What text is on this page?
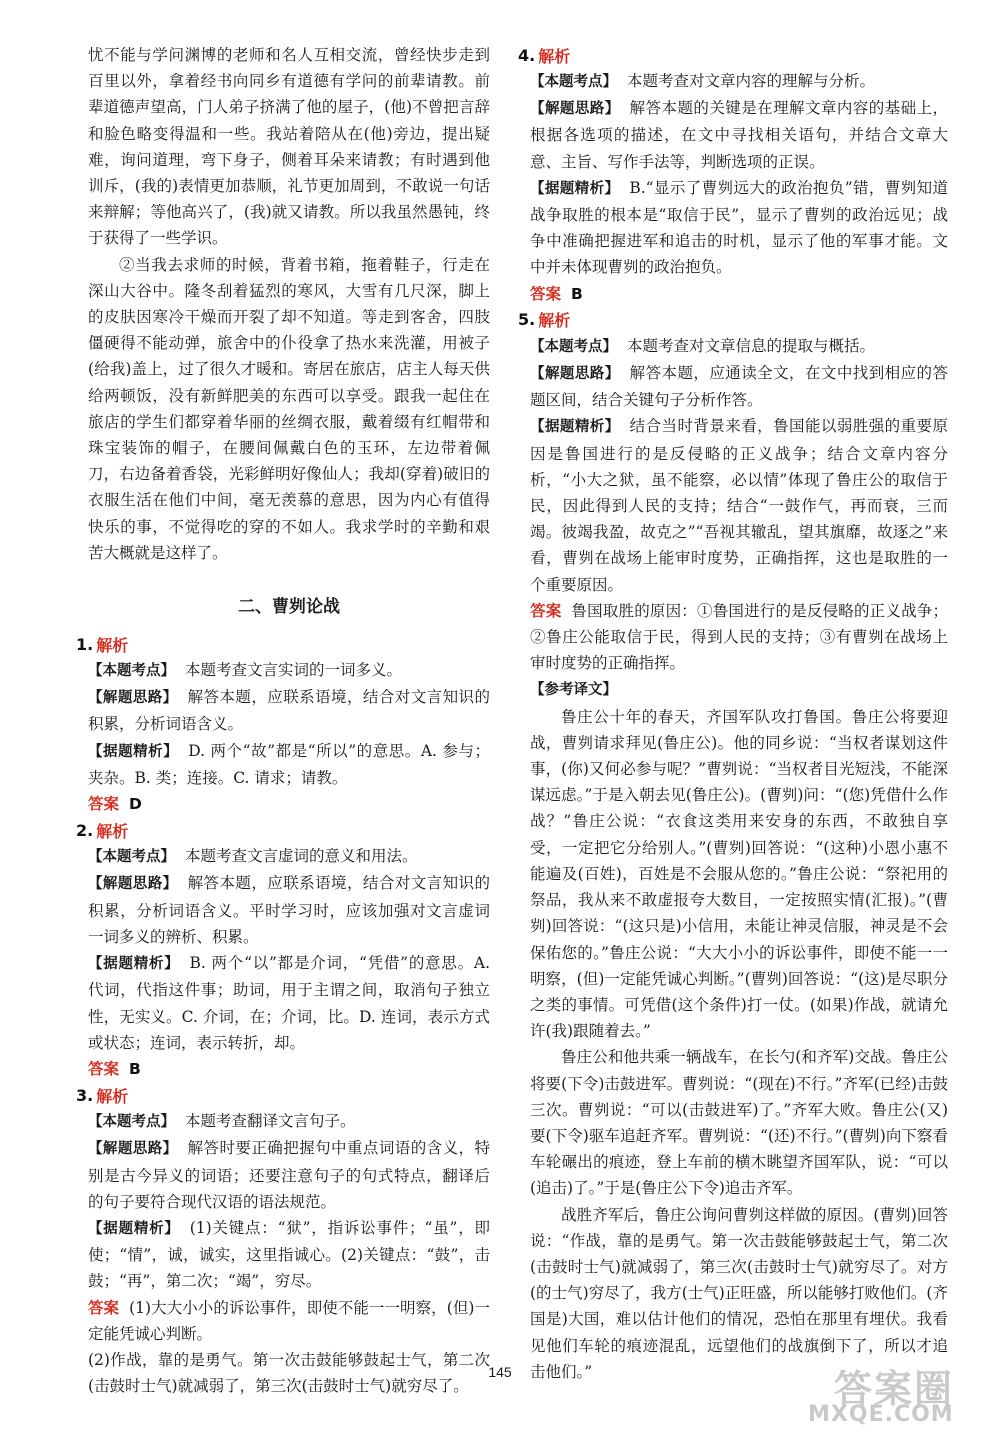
忧不能与学问渊博的老师和名人互相交流，曾经快步走到百里以外，拿着经书向同乡有道德有学问的前辈请教。前辈道德声望高，门人弟子挤满了他的屋子，(他)不曾把言辞和脸色略变得温和一些。我站着陪从在(他)旁边，提出疑难，询问道理，弯下身子，侧着耳朵来请教；有时遇到他训斥，(我的)表情更加恭顺，礼节更加周到，不敢说一句话来辩解；等他高兴了，(我)就又请教。所以我虽然愚钝，终于获得了一些学识。

②当我去求师的时候，背着书箱，拖着鞋子，行走在深山大谷中。隆冬刮着猛烈的寒风，大雪有几尺深，脚上的皮肤因寒冷干燥而开裂了却不知道。等走到客舍，四肢僵硬得不能动弹，旅舍中的仆役拿了热水来洗灌，用被子(给我)盖上，过了很久才暖和。寄居在旅店，店主人每天供给两顿饭，没有新鲜肥美的东西可以享受。跟我一起住在旅店的学生们都穿着华丽的丝绸衣服，戴着缀有红帽带和珠宝装饰的帽子，在腰间佩戴白色的玉环，左边带着佩刀，右边备着香袋，光彩鲜明好像仙人；我却(穿着)破旧的衣服生活在他们中间，毫无羡慕的意思，因为内心有值得快乐的事，不觉得吃的穿的不如人。我求学时的辛勤和艰苦大概就是这样了。

二、曹刿论战
1. 解析

【本题考点】 本题考查文言实词的一词多义。

【解题思路】 解答本题，应联系语境，结合对文言知识的积累，分析词语含义。

【据题精析】 D. 两个“故”都是“所以”的意思。A. 参与；夹杂。B. 类；连接。C. 请求；请教。

答案 D

2. 解析

【本题考点】 本题考查文言虚词的意义和用法。

【解题思路】 解答本题，应联系语境，结合对文言知识的积累，分析词语含义。平时学习时，应该加强对文言虚词一词多义的辨析、积累。

【据题精析】 B. 两个“以”都是介词，“凭借”的意思。A. 代词，代指这件事；助词，用于主谓之间，取消句子独立性，无实义。C. 介词，在；介词，比。D. 连词，表示方式或状态；连词，表示转折，却。

答案 B

3. 解析

【本题考点】 本题考查翻译文言句子。

【解题思路】 解答时要正确把握句中重点词语的含义，特别是古今异义的词语；还要注意句子的句式特点，翻译后的句子要符合现代汉语的语法规范。

【据题精析】 (1)关键点：“狱”，指诉讼事件；“虽”，即使；“情”，诚，诚实，这里指诚心。(2)关键点：“鼓”，击鼓；“再”，第二次；“竭”，穷尽。

答案 (1)大大小小的诉讼事件，即使不能一一明察，(但)一定能凭诚心判断。

(2)作战，靠的是勇气。第一次击鼓能够鼓起士气，第二次(击鼓时士气)就减弱了，第三次(击鼓时士气)就穷尽了。

4. 解析

【本题考点】 本题考查对文章内容的理解与分析。

【解题思路】 解答本题的关键是在理解文章内容的基础上，根据各选项的描述，在文中寻找相关语句，并结合文章大意、主旨、写作手法等，判断选项的正误。

【据题精析】 B.“显示了曹刿远大的政治抱负”错，曹刿知道战争取胜的根本是“取信于民”，显示了曹刿的政治远见；战争中准确把握进军和追击的时机，显示了他的军事才能。文中并未体现曹刿的政治抱负。

答案 B

5. 解析

【本题考点】 本题考查对文章信息的提取与概括。

【解题思路】 解答本题，应通读全文，在文中找到相应的答题区间，结合关键句子分析作答。

【据题精析】 结合当时背景来看，鲁国能以弱胜强的重要原因是鲁国进行的是反侵略的正义战争；结合文章内容分析，“小大之狱，虽不能察，必以情”体现了鲁庄公的取信于民，因此得到人民的支持；结合“一鼓作气，再而衰，三而竭。彼竭我盈，故克之”“吾视其辙乱，望其旗靡，故逐之”来看，曹刿在战场上能审时度势，正确指挥，这也是取胜的一个重要原因。

答案 鲁国取胜的原因：①鲁国进行的是反侵略的正义战争；②鲁庄公能取信于民，得到人民的支持；③有曹刿在战场上审时度势的正确指挥。

【参考译文】

鲁庄公十年的春天，齐国军队攻打鲁国。鲁庄公将要迎战，曹刿请求拜见(鲁庄公)。他的同乡说：“当权者谋划这件事，(你)又何必参与呢？”曹刿说：“当权者目光短浅，不能深谋远虑。”于是入朝去见(鲁庄公)。(曹刿)问：“(您)凭借什么作战？”鲁庄公说：“衣食这类用来安身的东西，不敢独自享受，一定把它分给别人。”(曹刿)回答说：“(这种)小恩小惠不能遍及(百姓)，百姓是不会服从您的。”鲁庄公说：“祭祀用的祭品，我从来不敢虚报夸大数目，一定按照实情(汇报)。”(曹刿)回答说：“(这只是)小信用，未能让神灵信服，神灵是不会保佑您的。”鲁庄公说：“大大小小的诉讼事件，即使不能一一明察，(但)一定能凭诚心判断。”(曹刿)回答说：“(这)是尽职分之类的事情。可凭借(这个条件)打一仗。(如果)作战，就请允许(我)跟随着去。”

鲁庄公和他共乘一辆战车，在长勺(和齐军)交战。鲁庄公将要(下令)击鼓进军。曹刿说：“(现在)不行。”齐军(已经)击鼓三次。曹刿说：“可以(击鼓进军)了。”齐军大败。鲁庄公(又)要(下令)驱车追赶齐军。曹刿说：“(还)不行。”(曹刿)向下察看车轮碾出的痕迹，登上车前的横木眺望齐国军队，说：“可以(追击)了。”于是(鲁庄公下令)追击齐军。

战胜齐军后，鲁庄公询问曹刿这样做的原因。(曹刿)回答说：“作战，靠的是勇气。第一次击鼓能够鼓起士气，第二次(击鼓时士气)就减弱了，第三次(击鼓时士气)就穷尽了。对方(的士气)穷尽了，我方(士气)正旺盛，所以能够打败他们。(齐国是)大国，难以估计他们的情况，恐怕在那里有埋伏。我看见他们车轮的痕迹混乱，远望他们的战旗倒下了，所以才追击他们。”

145	答案圈
MXQE.COM
